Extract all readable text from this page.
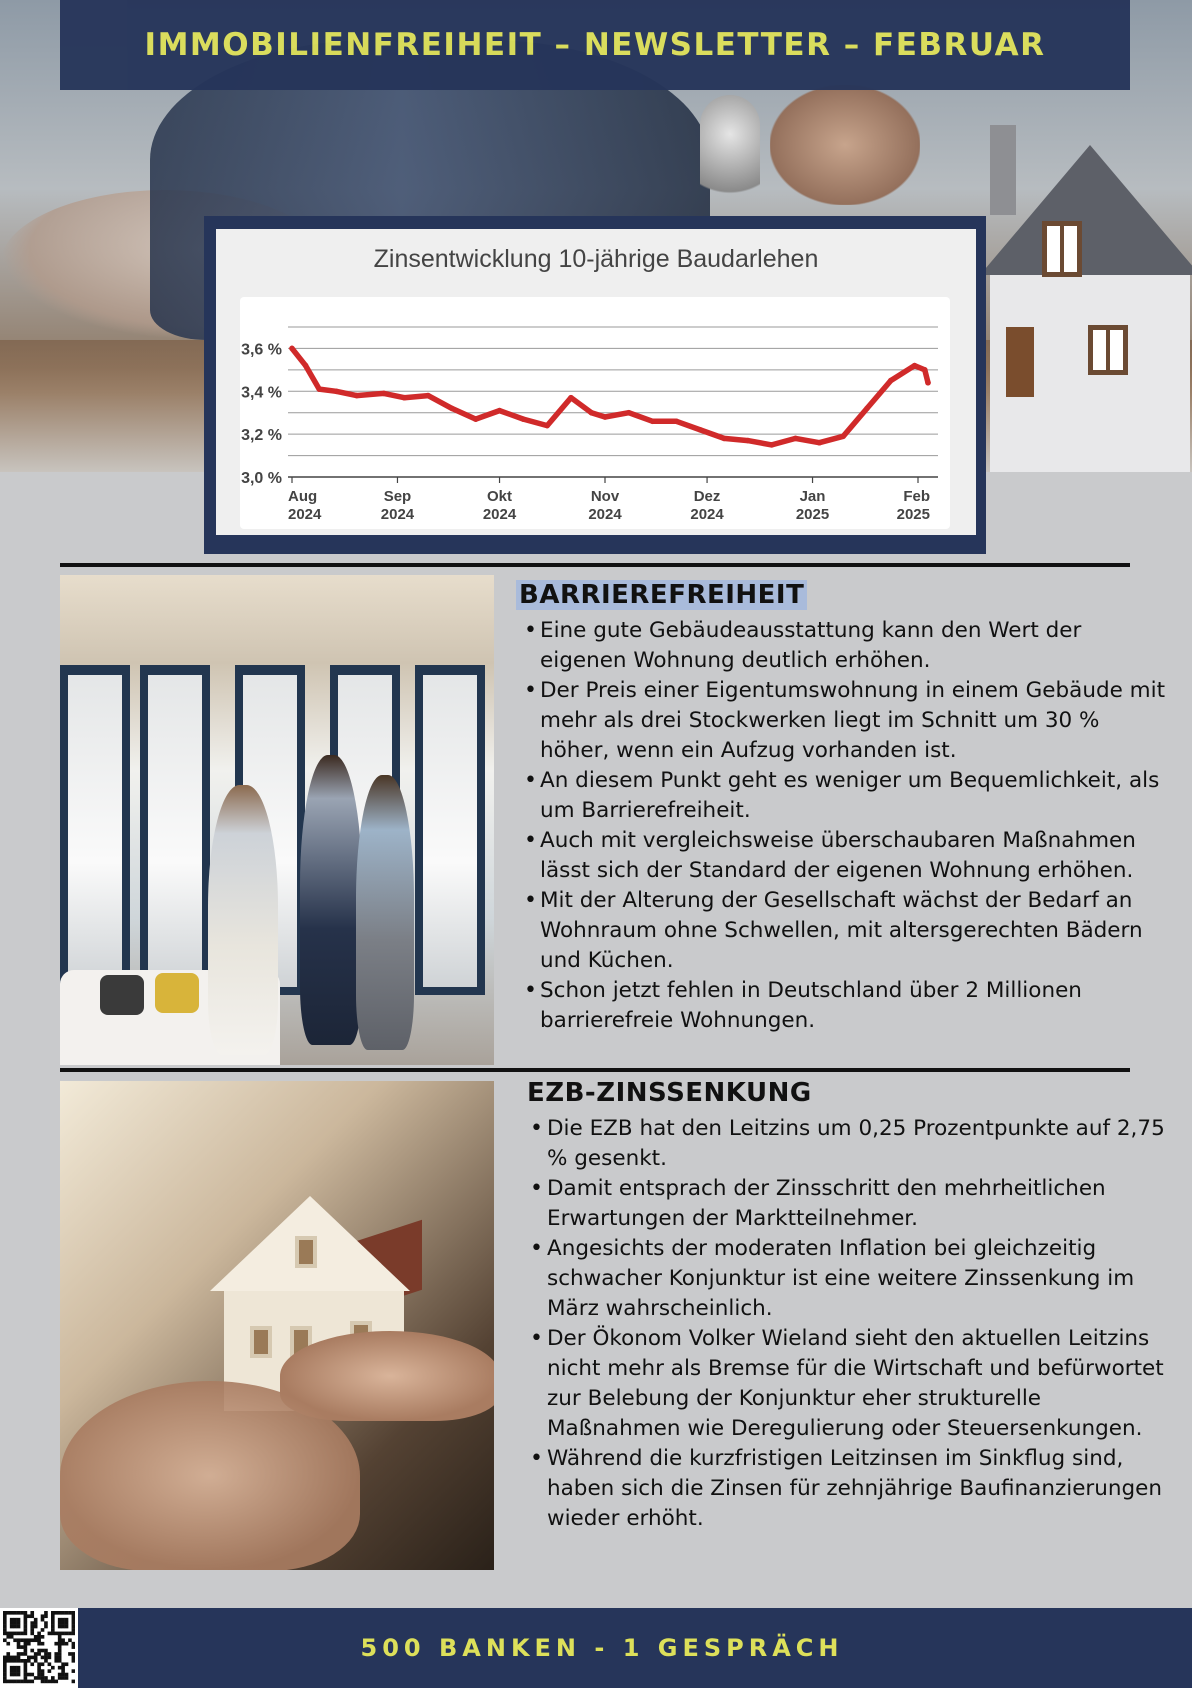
IMMOBILIENFREIHEIT – NEWSLETTER – FEBRUAR
Zinsentwicklung 10-jährige Baudarlehen
3,6 %
3,4 %
3,2 %
3,0 %
Aug
2024
Sep
2024
Okt
2024
Nov
2024
Dez
2024
Jan
2025
Feb
2025
BARRIEREFREIHEIT
• Eine gute Gebäudeausstattung kann den Wert der eigenen Wohnung deutlich erhöhen.
• Der Preis einer Eigentumswohnung in einem Gebäude mit mehr als drei Stockwerken liegt im Schnitt um 30 % höher, wenn ein Aufzug vorhanden ist.
• An diesem Punkt geht es weniger um Bequemlichkeit, als um Barrierefreiheit.
• Auch mit vergleichsweise überschaubaren Maßnahmen lässt sich der Standard der eigenen Wohnung erhöhen.
• Mit der Alterung der Gesellschaft wächst der Bedarf an Wohnraum ohne Schwellen, mit altersgerechten Bädern und Küchen.
• Schon jetzt fehlen in Deutschland über 2 Millionen barrierefreie Wohnungen.
EZB-ZINSSENKUNG
• Die EZB hat den Leitzins um 0,25 Prozentpunkte auf 2,75 % gesenkt.
• Damit entsprach der Zinsschritt den mehrheitlichen Erwartungen der Marktteilnehmer.
• Angesichts der moderaten Inflation bei gleichzeitig schwacher Konjunktur ist eine weitere Zinssenkung im März wahrscheinlich.
• Der Ökonom Volker Wieland sieht den aktuellen Leitzins nicht mehr als Bremse für die Wirtschaft und befürwortet zur Belebung der Konjunktur eher strukturelle Maßnahmen wie Deregulierung oder Steuersenkungen.
• Während die kurzfristigen Leitzinsen im Sinkflug sind, haben sich die Zinsen für zehnjährige Baufinanzierungen wieder erhöht.
500 BANKEN - 1 GESPRÄCH
